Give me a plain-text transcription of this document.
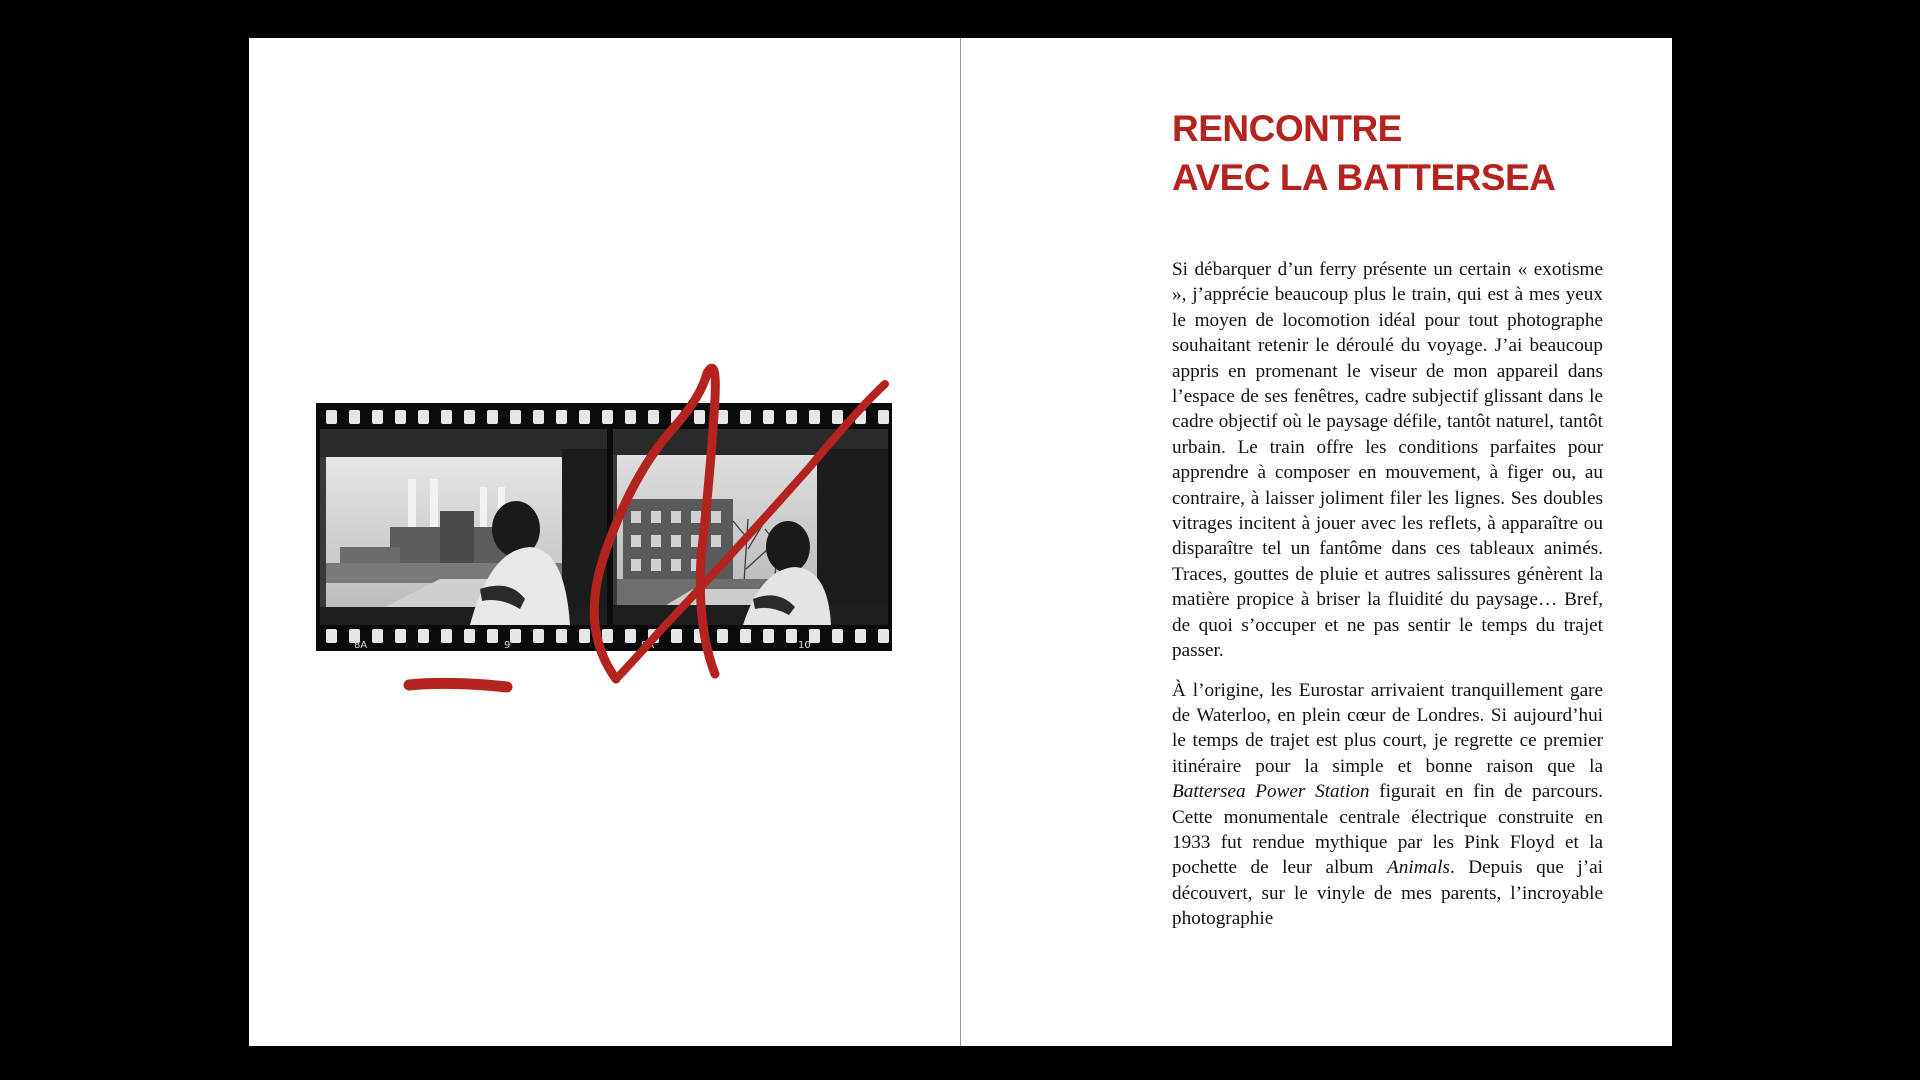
8A	9	9A	10
RENCONTRE
AVEC LA BATTERSEA

Si débarquer d’un ferry présente un certain « exotisme », j’apprécie beaucoup plus le train, qui est à mes yeux le moyen de locomotion idéal pour tout photographe souhaitant retenir le déroulé du voyage. J’ai beaucoup appris en promenant le viseur de mon appareil dans l’espace de ses fenêtres, cadre subjectif glissant dans le cadre objectif où le paysage défile, tantôt naturel, tantôt urbain. Le train offre les conditions parfaites pour apprendre à composer en mouvement, à figer ou, au contraire, à laisser joliment filer les lignes. Ses doubles vitrages incitent à jouer avec les reflets, à apparaître ou disparaître tel un fantôme dans ces tableaux animés. Traces, gouttes de pluie et autres salissures génèrent la matière propice à briser la fluidité du paysage… Bref, de quoi s’occuper et ne pas sentir le temps du trajet passer.

À l’origine, les Eurostar arrivaient tranquillement gare de Waterloo, en plein cœur de Londres. Si aujourd’hui le temps de trajet est plus court, je regrette ce premier itinéraire pour la simple et bonne raison que la Battersea Power Station figurait en fin de parcours. Cette monumentale centrale électrique construite en 1933 fut rendue mythique par les Pink Floyd et la pochette de leur album Animals. Depuis que j’ai découvert, sur le vinyle de mes parents, l’incroyable photographie
